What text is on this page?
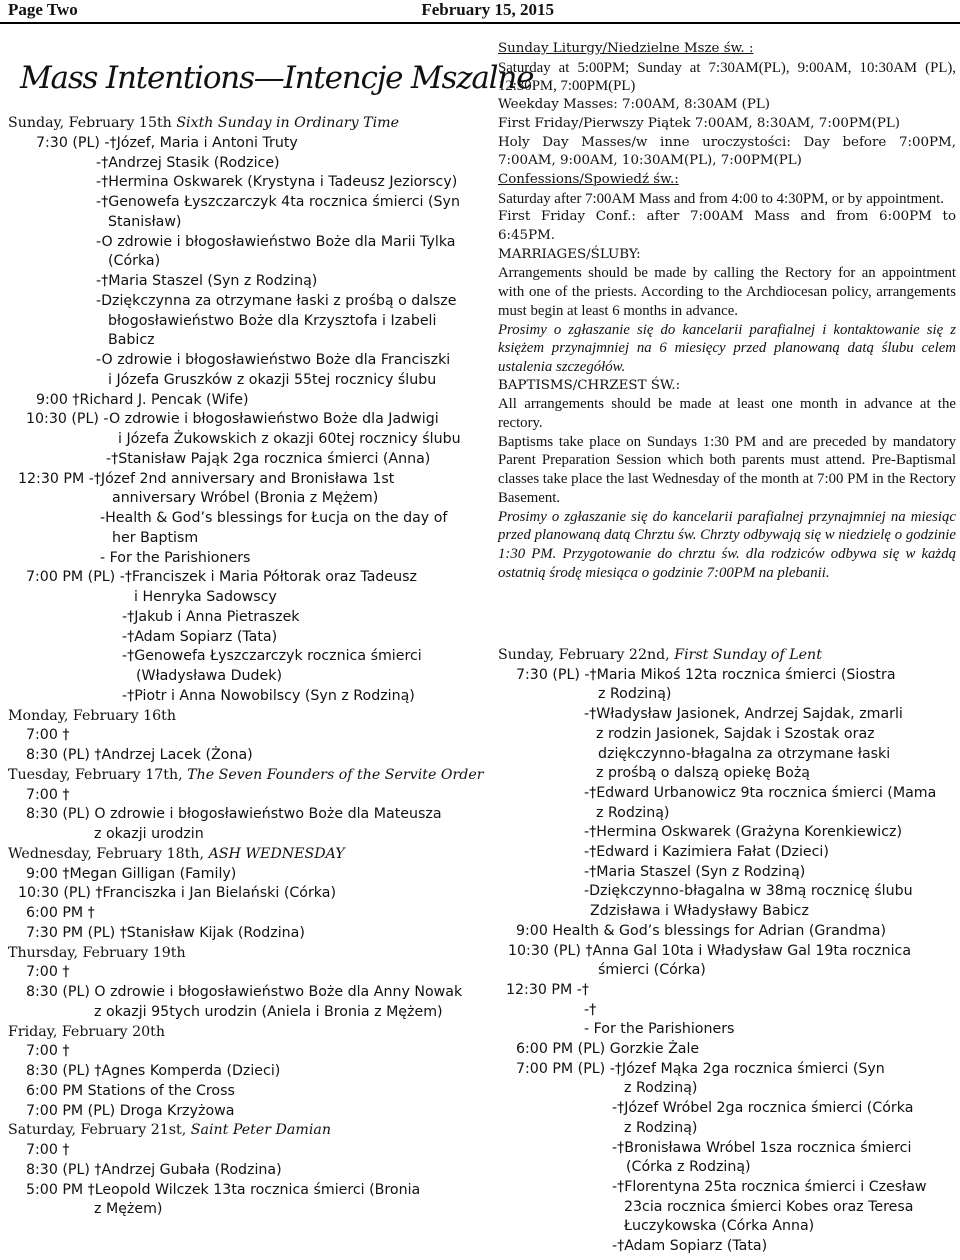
Page Two	February 15, 2015
Mass Intentions—Intencje Mszalne
Sunday, February 15th Sixth Sunday in Ordinary Time
7:30 (PL) -†Józef, Maria i Antoni Truty
-†Andrzej Stasik (Rodzice)
-†Hermina Oskwarek (Krystyna i Tadeusz Jeziorscy)
-†Genowefa Łyszczarczyk 4ta rocznica śmierci (Syn
Stanisław)
-O zdrowie i błogosławieństwo Boże dla Marii Tylka
(Córka)
-†Maria Staszel (Syn z Rodziną)
-Dziękczynna za otrzymane łaski z prośbą o dalsze
błogosławieństwo Boże dla Krzysztofa i Izabeli
Babicz
-O zdrowie i błogosławieństwo Boże dla Franciszki
i Józefa Gruszków z okazji 55tej rocznicy ślubu
9:00 †Richard J. Pencak (Wife)
10:30 (PL) -O zdrowie i błogosławieństwo Boże dla Jadwigi
i Józefa Żukowskich z okazji 60tej rocznicy ślubu
-†Stanisław Pająk 2ga rocznica śmierci (Anna)
12:30 PM -†Józef 2nd anniversary and Bronisława 1st
anniversary Wróbel (Bronia z Mężem)
-Health & God’s blessings for Łucja on the day of
her Baptism
- For the Parishioners
7:00 PM (PL) -†Franciszek i Maria Półtorak oraz Tadeusz
i Henryka Sadowscy
-†Jakub i Anna Pietraszek
-†Adam Sopiarz (Tata)
-†Genowefa Łyszczarczyk rocznica śmierci
(Władysława Dudek)
-†Piotr i Anna Nowobilscy (Syn z Rodziną)
Monday, February 16th
7:00 †
8:30 (PL) †Andrzej Lacek (Żona)
Tuesday, February 17th, The Seven Founders of the Servite Order
7:00 †
8:30 (PL) O zdrowie i błogosławieństwo Boże dla Mateusza
z okazji urodzin
Wednesday, February 18th, ASH WEDNESDAY
9:00 †Megan Gilligan (Family)
10:30 (PL) †Franciszka i Jan Bielański (Córka)
6:00 PM †
7:30 PM (PL) †Stanisław Kijak (Rodzina)
Thursday, February 19th
7:00 †
8:30 (PL) O zdrowie i błogosławieństwo Boże dla Anny Nowak
z okazji 95tych urodzin (Aniela i Bronia z Mężem)
Friday, February 20th
7:00 †
8:30 (PL) †Agnes Komperda (Dzieci)
6:00 PM Stations of the Cross
7:00 PM (PL) Droga Krzyżowa
Saturday, February 21st, Saint Peter Damian
7:00 †
8:30 (PL) †Andrzej Gubała (Rodzina)
5:00 PM †Leopold Wilczek 13ta rocznica śmierci (Bronia
z Mężem)

Sunday Liturgy/Niedzielne Msze św. :

Saturday at 5:00PM; Sunday at 7:30AM(PL), 9:00AM, 10:30AM (PL), 12:30PM, 7:00PM(PL)

Weekday Masses: 7:00AM, 8:30AM (PL)

First Friday/Pierwszy Piątek 7:00AM, 8:30AM, 7:00PM(PL)

Holy Day Masses/w inne uroczystości: Day before 7:00PM, 7:00AM, 9:00AM, 10:30AM(PL), 7:00PM(PL)

Confessions/Spowiedź św.:

Saturday after 7:00AM Mass and from 4:00 to 4:30PM, or by appointment.

First Friday Conf.: after 7:00AM Mass and from 6:00PM to 6:45PM.

MARRIAGES/ŚLUBY:

Arrangements should be made by calling the Rectory for an appointment with one of the priests. According to the Archdiocesan policy, arrangements must begin at least 6 months in advance.

Prosimy o zgłaszanie się do kancelarii parafialnej i kontaktowanie się z księżem przynajmniej na 6 miesięcy przed planowaną datą ślubu celem ustalenia szczegółów.

BAPTISMS/CHRZEST ŚW.:

All arrangements should be made at least one month in advance at the rectory.

Baptisms take place on Sundays 1:30 PM and are preceded by mandatory Parent Preparation Session which both parents must attend. Pre-Baptismal classes take place the last Wednesday of the month at 7:00 PM in the Rectory Basement.

Prosimy o zgłaszanie się do kancelarii parafialnej przynajmniej na miesiąc przed planowaną datą Chrztu św. Chrzty odbywają się w niedzielę o godzinie 1:30 PM. Przygotowanie do chrztu św. dla rodziców odbywa się w każdą ostatnią środę miesiąca o godzinie 7:00PM na plebanii.

Sunday, February 22nd, First Sunday of Lent
7:30 (PL) -†Maria Mikoś 12ta rocznica śmierci (Siostra
z Rodziną)
-†Władysław Jasionek, Andrzej Sajdak, zmarli
z rodzin Jasionek, Sajdak i Szostak oraz
dziękczynno-błagalna za otrzymane łaski
z prośbą o dalszą opiekę Bożą
-†Edward Urbanowicz 9ta rocznica śmierci (Mama
z Rodziną)
-†Hermina Oskwarek (Grażyna Korenkiewicz)
-†Edward i Kazimiera Fałat (Dzieci)
-†Maria Staszel (Syn z Rodziną)
-Dziękczynno-błagalna w 38mą rocznicę ślubu
Zdzisława i Władysławy Babicz
9:00 Health & God’s blessings for Adrian (Grandma)
10:30 (PL) †Anna Gal 10ta i Władysław Gal 19ta rocznica
śmierci (Córka)
12:30 PM -†
-†
- For the Parishioners
6:00 PM (PL) Gorzkie Żale
7:00 PM (PL) -†Józef Mąka 2ga rocznica śmierci (Syn
z Rodziną)
-†Józef Wróbel 2ga rocznica śmierci (Córka
z Rodziną)
-†Bronisława Wróbel 1sza rocznica śmierci
(Córka z Rodziną)
-†Florentyna 25ta rocznica śmierci i Czesław
23cia rocznica śmierci Kobes oraz Teresa
Łuczykowska (Córka Anna)
-†Adam Sopiarz (Tata)
